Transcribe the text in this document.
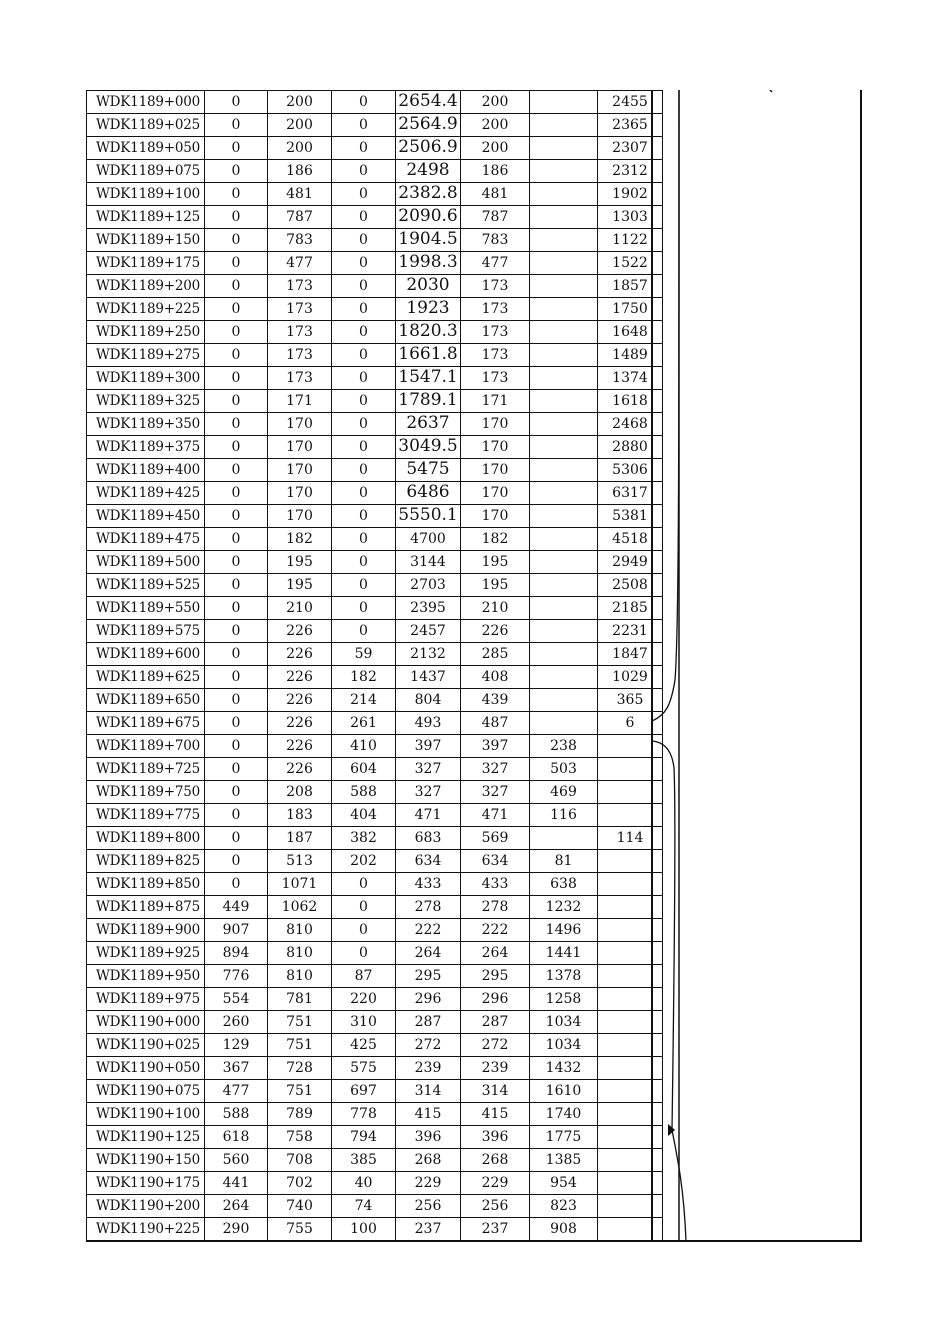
WDK1189+000	0	200	0	2654.4	200		2455
WDK1189+025	0	200	0	2564.9	200		2365
WDK1189+050	0	200	0	2506.9	200		2307
WDK1189+075	0	186	0	2498	186		2312
WDK1189+100	0	481	0	2382.8	481		1902
WDK1189+125	0	787	0	2090.6	787		1303
WDK1189+150	0	783	0	1904.5	783		1122
WDK1189+175	0	477	0	1998.3	477		1522
WDK1189+200	0	173	0	2030	173		1857
WDK1189+225	0	173	0	1923	173		1750
WDK1189+250	0	173	0	1820.3	173		1648
WDK1189+275	0	173	0	1661.8	173		1489
WDK1189+300	0	173	0	1547.1	173		1374
WDK1189+325	0	171	0	1789.1	171		1618
WDK1189+350	0	170	0	2637	170		2468
WDK1189+375	0	170	0	3049.5	170		2880
WDK1189+400	0	170	0	5475	170		5306
WDK1189+425	0	170	0	6486	170		6317
WDK1189+450	0	170	0	5550.1	170		5381
WDK1189+475	0	182	0	4700	182		4518
WDK1189+500	0	195	0	3144	195		2949
WDK1189+525	0	195	0	2703	195		2508
WDK1189+550	0	210	0	2395	210		2185
WDK1189+575	0	226	0	2457	226		2231
WDK1189+600	0	226	59	2132	285		1847
WDK1189+625	0	226	182	1437	408		1029
WDK1189+650	0	226	214	804	439		365
WDK1189+675	0	226	261	493	487		6
WDK1189+700	0	226	410	397	397	238	
WDK1189+725	0	226	604	327	327	503	
WDK1189+750	0	208	588	327	327	469	
WDK1189+775	0	183	404	471	471	116	
WDK1189+800	0	187	382	683	569		114
WDK1189+825	0	513	202	634	634	81	
WDK1189+850	0	1071	0	433	433	638	
WDK1189+875	449	1062	0	278	278	1232	
WDK1189+900	907	810	0	222	222	1496	
WDK1189+925	894	810	0	264	264	1441	
WDK1189+950	776	810	87	295	295	1378	
WDK1189+975	554	781	220	296	296	1258	
WDK1190+000	260	751	310	287	287	1034	
WDK1190+025	129	751	425	272	272	1034	
WDK1190+050	367	728	575	239	239	1432	
WDK1190+075	477	751	697	314	314	1610	
WDK1190+100	588	789	778	415	415	1740	
WDK1190+125	618	758	794	396	396	1775	
WDK1190+150	560	708	385	268	268	1385	
WDK1190+175	441	702	40	229	229	954	
WDK1190+200	264	740	74	256	256	823	
WDK1190+225	290	755	100	237	237	908	
